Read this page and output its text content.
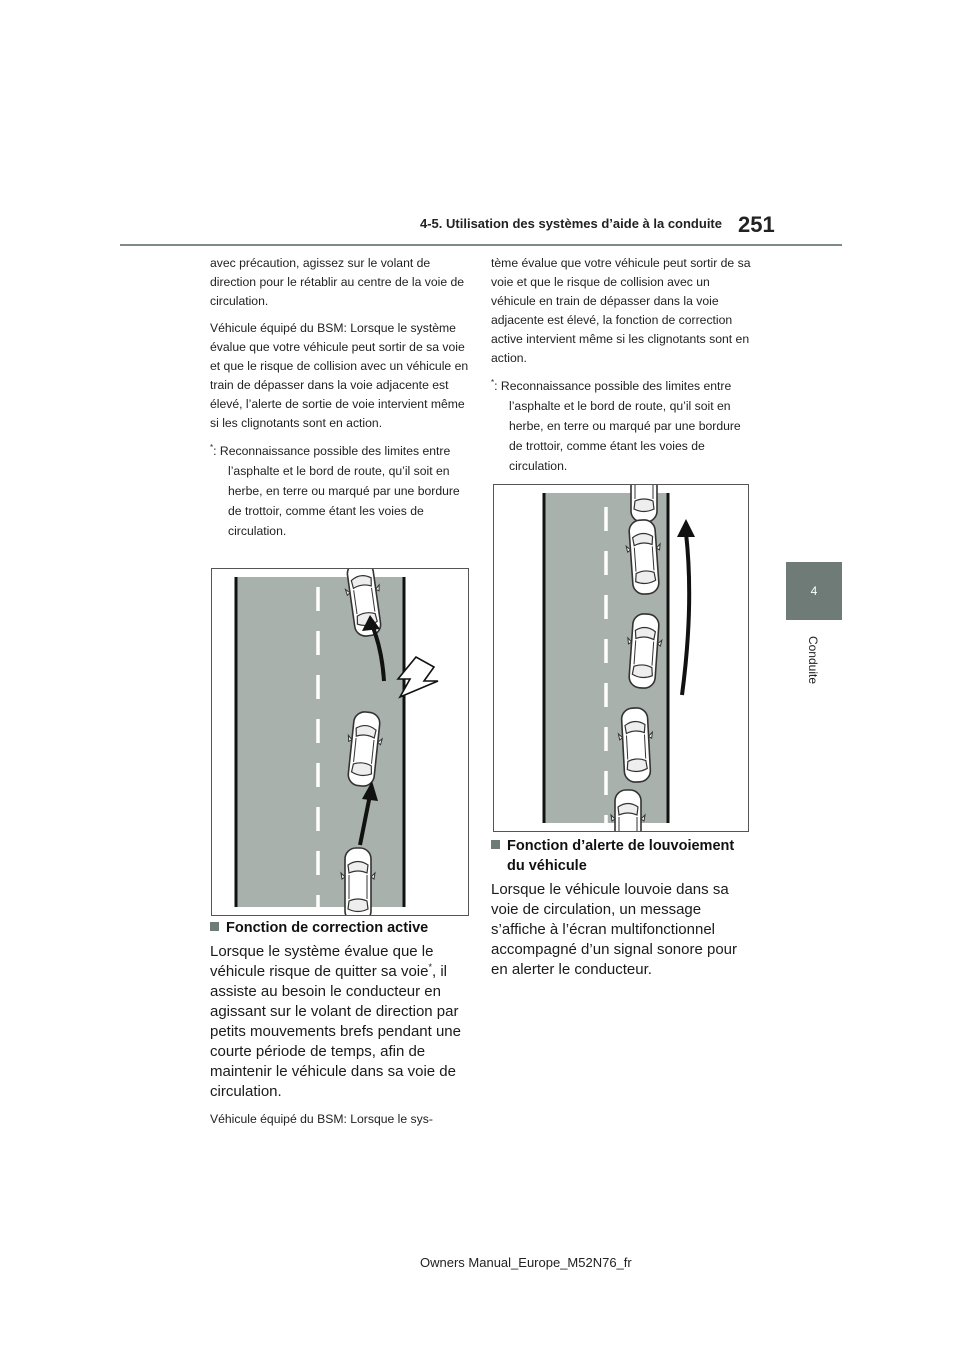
4-5. Utilisation des systèmes d’aide à la conduite 251
4
Conduite

avec précaution, agissez sur le volant de direction pour le rétablir au centre de la voie de circulation.

Véhicule équipé du BSM: Lorsque le système évalue que votre véhicule peut sortir de sa voie et que le risque de collision avec un véhicule en train de dépasser dans la voie adjacente est élevé, l’alerte de sortie de voie intervient même si les clignotants sont en action.

*: Reconnaissance possible des limites entre l’asphalte et le bord de route, qu’il soit en herbe, en terre ou marqué par une bordure de trottoir, comme étant les voies de circulation.

Fonction de correction active

Lorsque le système évalue que le véhicule risque de quitter sa voie*, il assiste au besoin le conducteur en agissant sur le volant de direction par petits mouvements brefs pendant une courte période de temps, afin de maintenir le véhicule dans sa voie de circulation.

Véhicule équipé du BSM: Lorsque le sys-

tème évalue que votre véhicule peut sortir de sa voie et que le risque de collision avec un véhicule en train de dépasser dans la voie adjacente est élevé, la fonction de correction active intervient même si les clignotants sont en action.

*: Reconnaissance possible des limites entre l’asphalte et le bord de route, qu’il soit en herbe, en terre ou marqué par une bordure de trottoir, comme étant les voies de circulation.

Fonction d’alerte de louvoiement du véhicule

Lorsque le véhicule louvoie dans sa voie de circulation, un message s’affiche à l’écran multifonctionnel accompagné d’un signal sonore pour en alerter le conducteur.

Owners Manual_Europe_M52N76_fr
